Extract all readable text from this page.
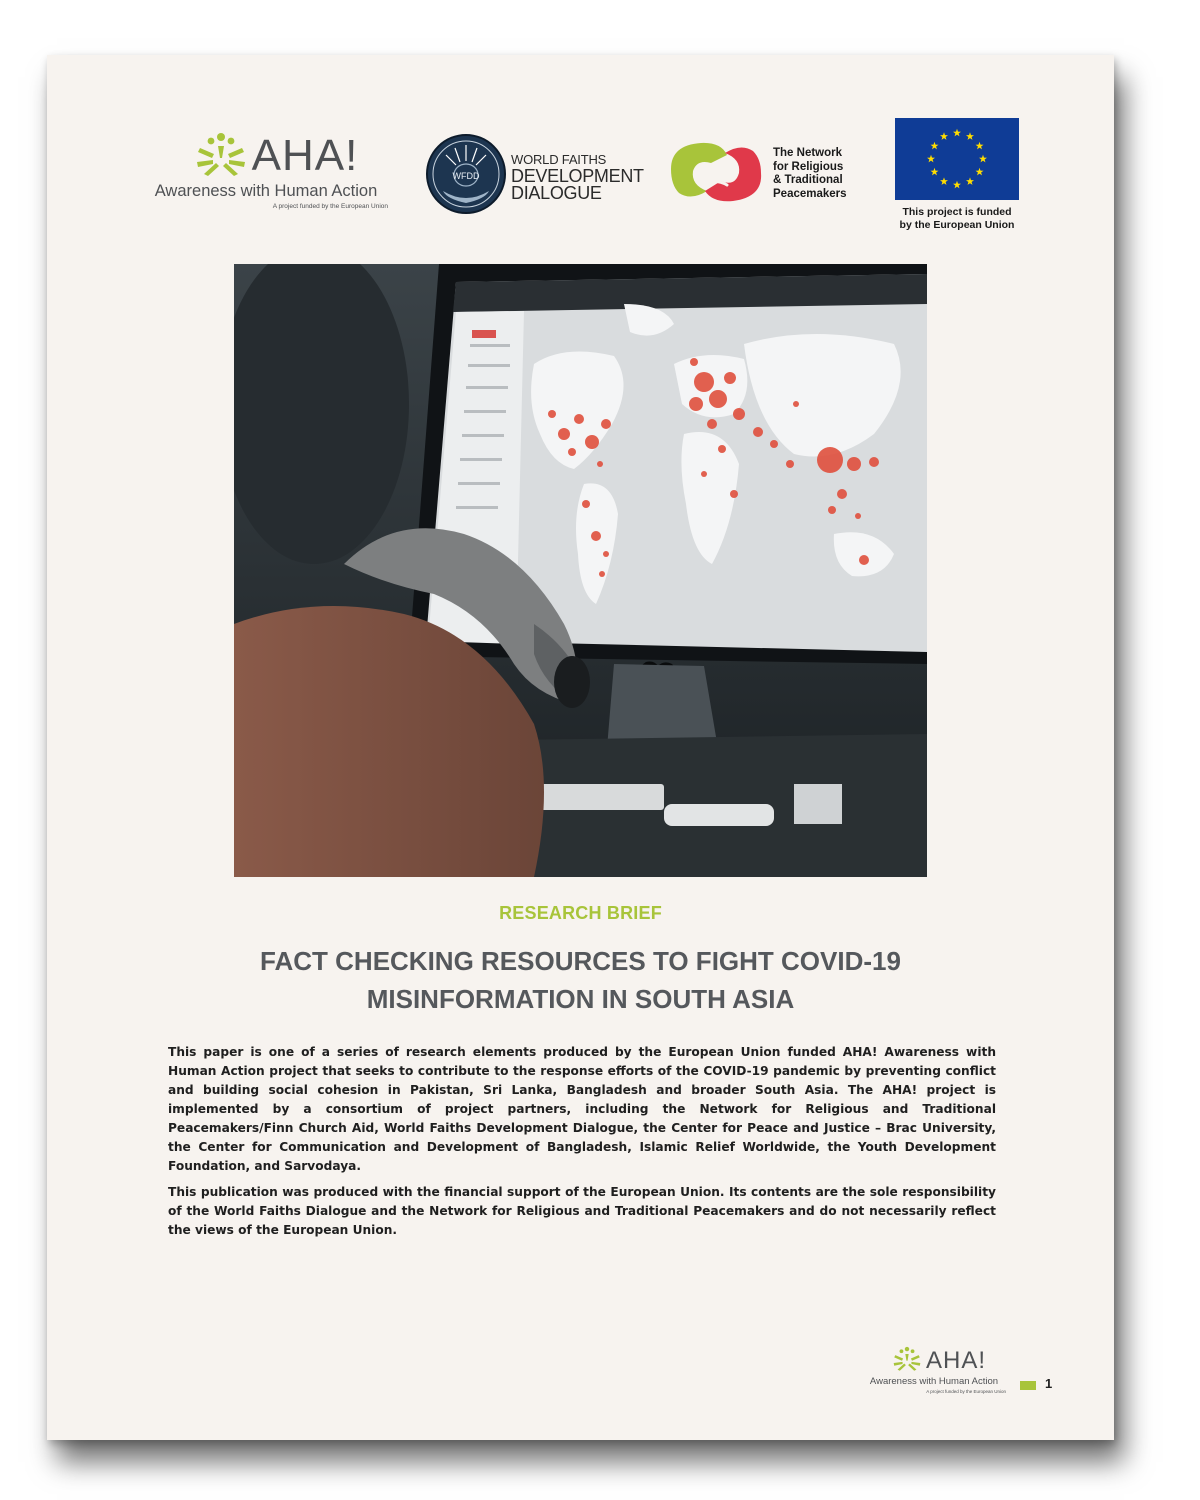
AHA!
Awareness with Human Action
A project funded by the European Union
WFDD
WORLD FAITHS
DEVELOPMENT
DIALOGUE
The Network
for Religious
& Traditional
Peacemakers
This project is funded
by the European Union
RESEARCH BRIEF
FACT CHECKING RESOURCES TO FIGHT COVID-19
MISINFORMATION IN SOUTH ASIA

This paper is one of a series of research elements produced by the European Union funded AHA! Awareness with Human Action project that seeks to contribute to the response efforts of the COVID-19 pandemic by preventing conflict and building social cohesion in Pakistan, Sri Lanka, Bangladesh and broader South Asia. The AHA! project is implemented by a consortium of project partners, including the Network for Religious and Traditional Peacemakers/Finn Church Aid, World Faiths Development Dialogue, the Center for Peace and Justice – Brac University, the Center for Communication and Development of Bangladesh, Islamic Relief Worldwide, the Youth Development Foundation, and Sarvodaya.

This publication was produced with the financial support of the European Union. Its contents are the sole responsibility of the World Faiths Dialogue and the Network for Religious and Traditional Peacemakers and do not necessarily reflect the views of the European Union.

AHA!
Awareness with Human Action
A project funded by the European Union
1
